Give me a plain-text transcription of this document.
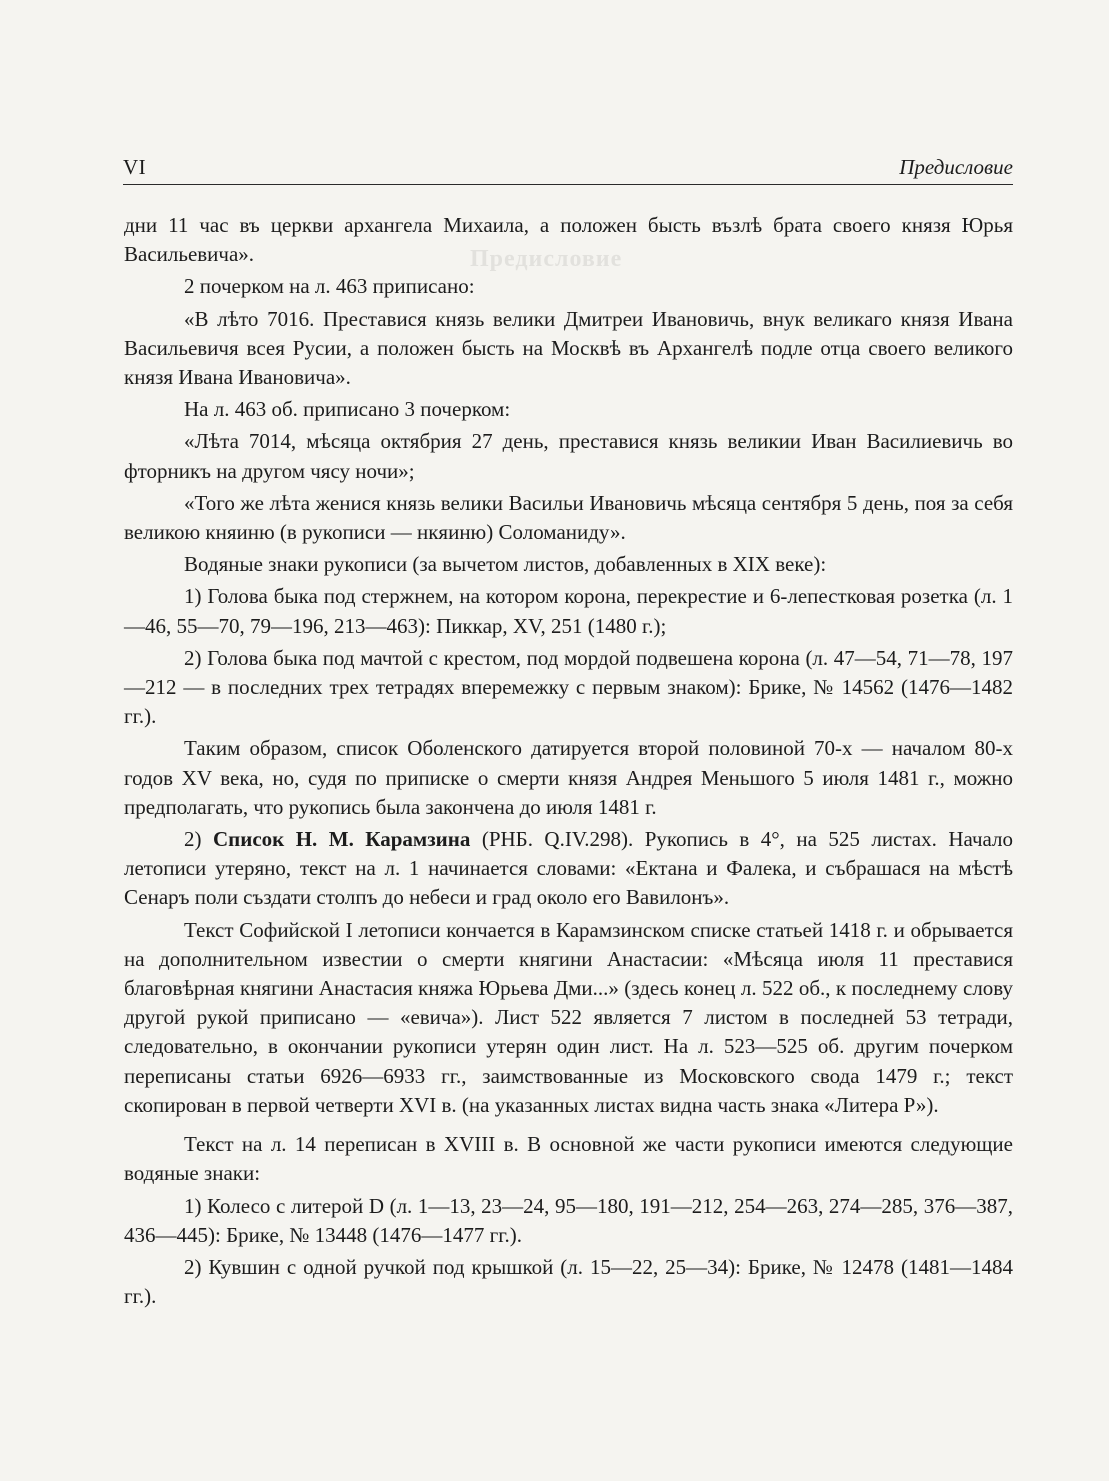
VI	Предисловие
Предисловие

дни 11 час въ церкви архангела Михаила, а положен бысть възлѣ брата своего князя Юрья Васильевича».

2 почерком на л. 463 приписано:

«В лѣто 7016. Преставися князь велики Дмитреи Ивановичь, внук великаго князя Ивана Васильевичя всея Русии, а положен бысть на Москвѣ въ Архангелѣ подле отца своего великого князя Ивана Ивановича».

На л. 463 об. приписано 3 почерком:

«Лѣта 7014, мѣсяца октябрия 27 день, преставися князь великии Иван Василиевичь во фторникъ на другом чясу ночи»;

«Того же лѣта женися князь велики Васильи Ивановичь мѣсяца сентября 5 день, поя за себя великою княиню (в рукописи — нкяиню) Соломаниду».

Водяные знаки рукописи (за вычетом листов, добавленных в XIX веке):

1) Голова быка под стержнем, на котором корона, перекрестие и 6-лепестковая розетка (л. 1—46, 55—70, 79—196, 213—463): Пиккар, XV, 251 (1480 г.);

2) Голова быка под мачтой с крестом, под мордой подвешена корона (л. 47—54, 71—78, 197—212 — в последних трех тетрадях вперемежку с первым знаком): Брике, № 14562 (1476—1482 гг.).

Таким образом, список Оболенского датируется второй половиной 70-х — началом 80-х годов XV века, но, судя по приписке о смерти князя Андрея Меньшого 5 июля 1481 г., можно предполагать, что рукопись была закончена до июля 1481 г.

2) Список Н. М. Карамзина (РНБ. Q.IV.298). Рукопись в 4°, на 525 листах. Начало летописи утеряно, текст на л. 1 начинается словами: «Ектана и Фалека, и събрашася на мѣстѣ Сенаръ поли създати столпъ до небеси и град около его Вавилонъ».

Текст Софийской I летописи кончается в Карамзинском списке статьей 1418 г. и обрывается на дополнительном известии о смерти княгини Анастасии: «Мѣсяца июля 11 преставися благовѣрная княгини Анастасия княжа Юрьева Дми...» (здесь конец л. 522 об., к последнему слову другой рукой приписано — «евича»). Лист 522 является 7 листом в последней 53 тетради, следовательно, в окончании рукописи утерян один лист. На л. 523—525 об. другим почерком переписаны статьи 6926—6933 гг., заимствованные из Московского свода 1479 г.; текст скопирован в первой четверти XVI в. (на указанных листах видна часть знака «Литера Р»).

Текст на л. 14 переписан в XVIII в. В основной же части рукописи имеются следующие водяные знаки:

1) Колесо с литерой D (л. 1—13, 23—24, 95—180, 191—212, 254—263, 274—285, 376—387, 436—445): Брике, № 13448 (1476—1477 гг.).

2) Кувшин с одной ручкой под крышкой (л. 15—22, 25—34): Брике, № 12478 (1481—1484 гг.).
